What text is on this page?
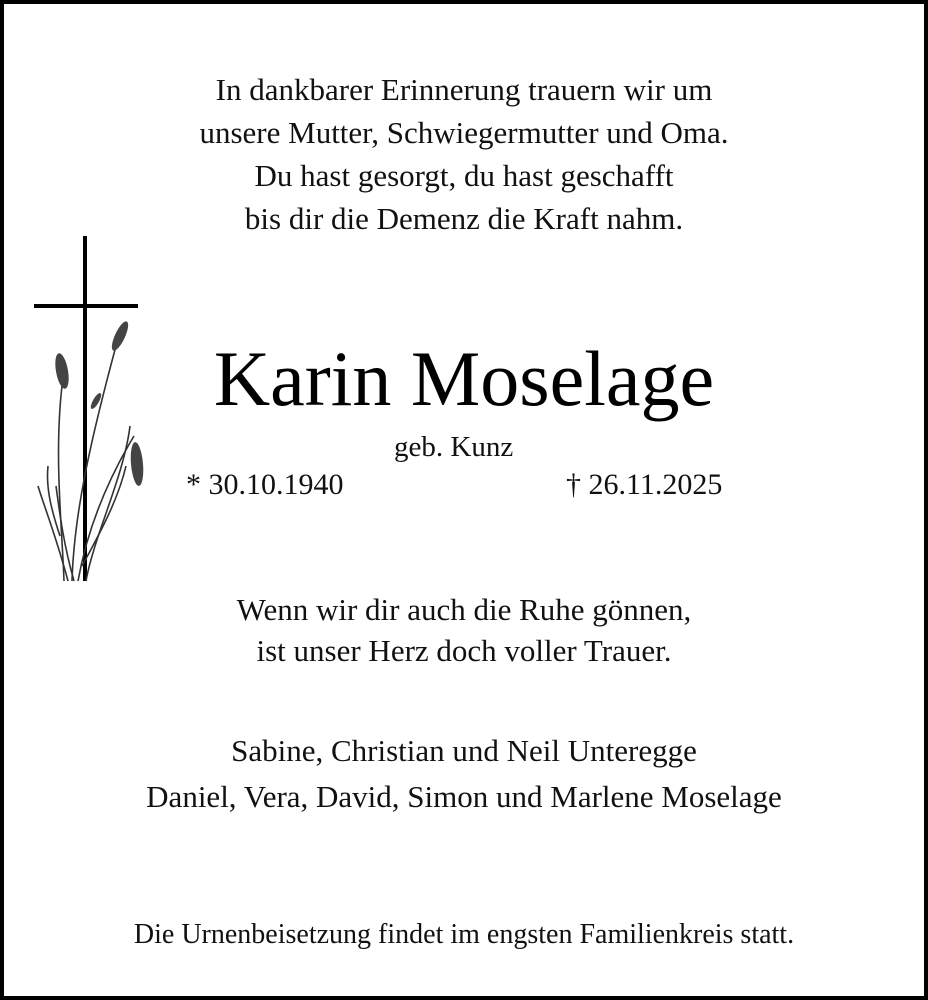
In dankbarer Erinnerung trauern wir um
unsere Mutter, Schwiegermutter und Oma.
Du hast gesorgt, du hast geschafft
bis dir die Demenz die Kraft nahm.
Karin Moselage
geb. Kunz
* 30.10.1940	† 26.11.2025
Wenn wir dir auch die Ruhe gönnen,
ist unser Herz doch voller Trauer.
Sabine, Christian und Neil Unteregge
Daniel, Vera, David, Simon und Marlene Moselage
Die Urnenbeisetzung findet im engsten Familienkreis statt.
